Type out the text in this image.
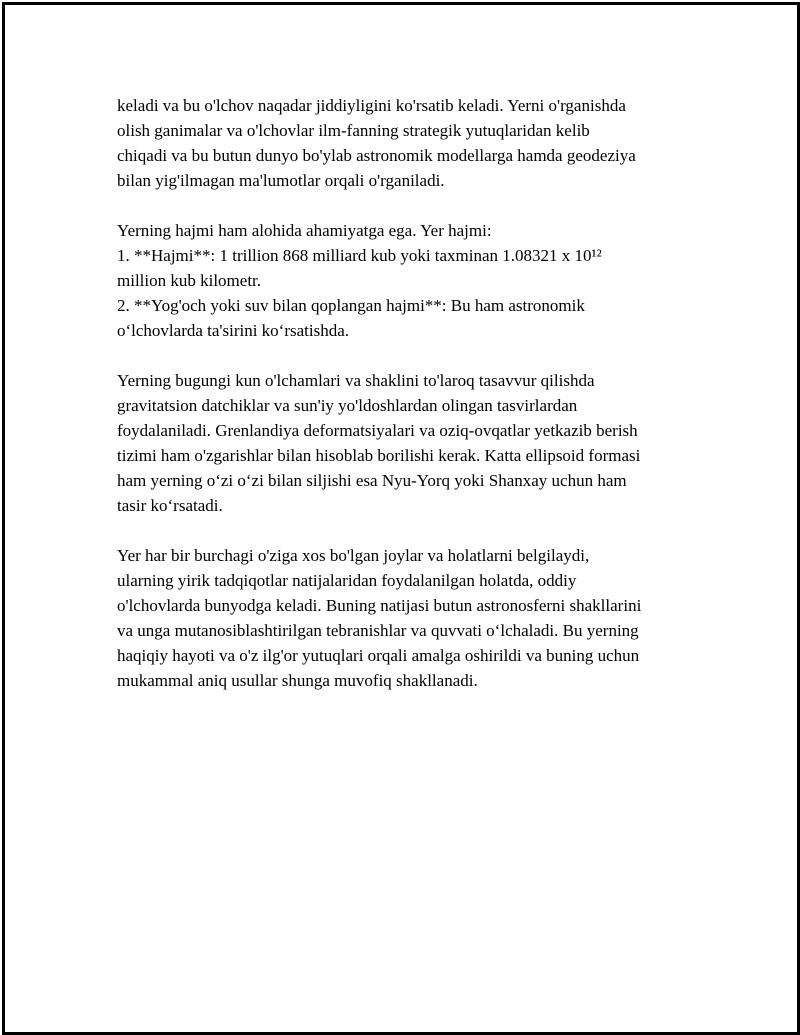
keladi va bu o'lchov naqadar jiddiyligini ko'rsatib keladi. Yerni o'rganishda
olish ganimalar va o'lchovlar ilm-fanning strategik yutuqlaridan kelib
chiqadi va bu butun dunyo bo'ylab astronomik modellarga hamda geodeziya
bilan yig'ilmagan ma'lumotlar orqali o'rganiladi.

Yerning hajmi ham alohida ahamiyatga ega. Yer hajmi:
1. **Hajmi**: 1 trillion 868 milliard kub yoki taxminan 1.08321 x 10¹²
million kub kilometr.
2. **Yog'och yoki suv bilan qoplangan hajmi**: Bu ham astronomik
o‘lchovlarda ta'sirini ko‘rsatishda.

Yerning bugungi kun o'lchamlari va shaklini to'laroq tasavvur qilishda
gravitatsion datchiklar va sun'iy yo'ldoshlardan olingan tasvirlardan
foydalaniladi. Grenlandiya deformatsiyalari va oziq-ovqatlar yetkazib berish
tizimi ham o'zgarishlar bilan hisoblab borilishi kerak. Katta ellipsoid formasi
ham yerning o‘zi o‘zi bilan siljishi esa Nyu-Yorq yoki Shanxay uchun ham
tasir ko‘rsatadi.

Yer har bir burchagi o'ziga xos bo'lgan joylar va holatlarni belgilaydi,
ularning yirik tadqiqotlar natijalaridan foydalanilgan holatda, oddiy
o'lchovlarda bunyodga keladi. Buning natijasi butun astronosferni shakllarini
va unga mutanosiblashtirilgan tebranishlar va quvvati o‘lchaladi. Bu yerning
haqiqiy hayoti va o'z ilg'or yutuqlari orqali amalga oshirildi va buning uchun
mukammal aniq usullar shunga muvofiq shakllanadi.
